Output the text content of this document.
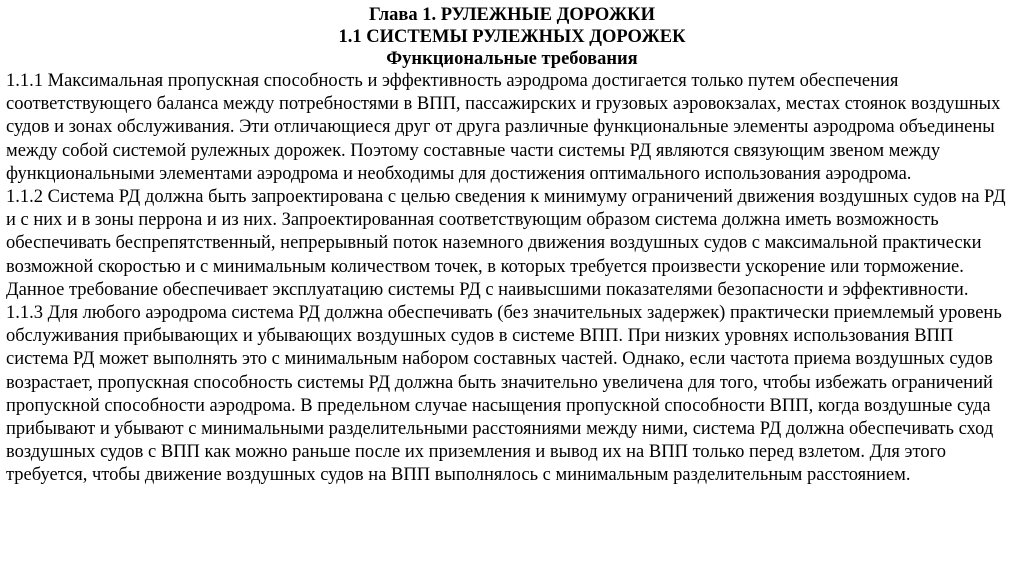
Глава 1. РУЛЕЖНЫЕ ДОРОЖКИ
1.1 СИСТЕМЫ РУЛЕЖНЫХ ДОРОЖЕК
Функциональные требования

1.1.1 Максимальная пропускная способность и эффективность аэродрома достигается только путем обеспечения соответствующего баланса между потребностями в ВПП, пассажирских и грузовых аэровокзалах, местах стоянок воздушных судов и зонах обслуживания. Эти отличающиеся друг от друга различные функциональные элементы аэродрома объединены между собой системой рулежных дорожек. Поэтому составные части системы РД являются связующим звеном между функциональными элементами аэродрома и необходимы для достижения оптимального использования аэродрома.

1.1.2 Система РД должна быть запроектирована с целью сведения к минимуму ограничений движения воздушных судов на РД и с них и в зоны перрона и из них. Запроектированная соответствующим образом система должна иметь возможность обеспечивать беспрепятственный, непрерывный поток наземного движения воздушных судов с максимальной практически возможной скоростью и с минимальным количеством точек, в которых требуется произвести ускорение или торможение. Данное требование обеспечивает эксплуатацию системы РД с наивысшими показателями безопасности и эффективности.

1.1.3 Для любого аэродрома система РД должна обеспечивать (без значительных задержек) практически приемлемый уровень обслуживания прибывающих и убывающих воздушных судов в системе ВПП. При низких уровнях использования ВПП система РД может выполнять это с минимальным набором составных частей. Однако, если частота приема воздушных судов возрастает, пропускная способность системы РД должна быть значительно увеличена для того, чтобы избежать ограничений пропускной способности аэродрома. В предельном случае насыщения пропускной способности ВПП, когда воздушные суда прибывают и убывают с минимальными разделительными расстояниями между ними, система РД должна обеспечивать сход воздушных судов с ВПП как можно раньше после их приземления и вывод их на ВПП только перед взлетом. Для этого требуется, чтобы движение воздушных судов на ВПП выполнялось с минимальным разделительным расстоянием.
